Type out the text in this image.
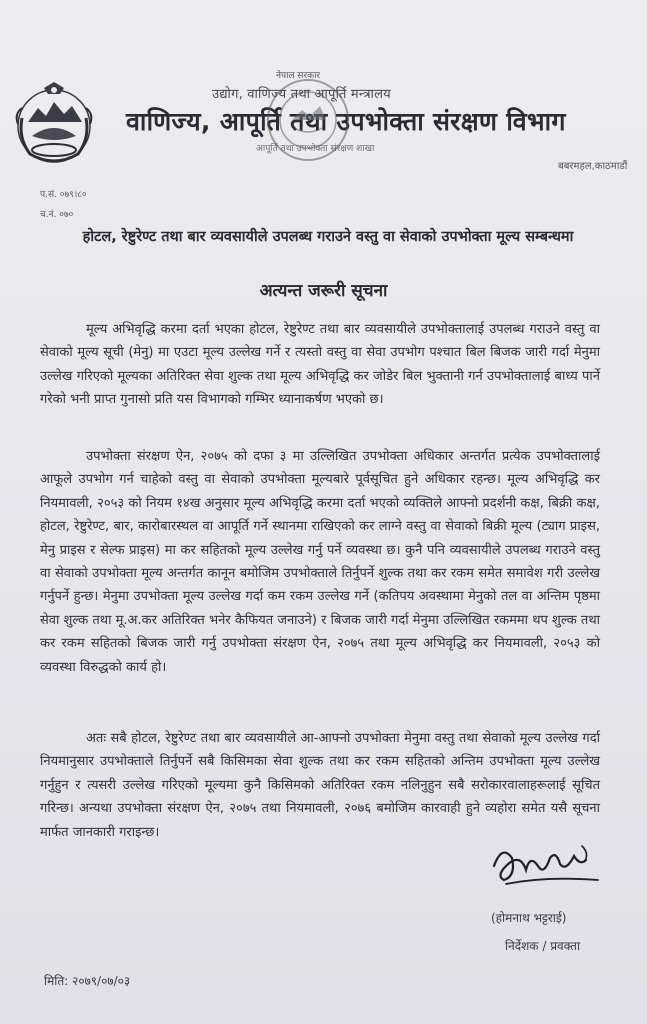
नेपाल सरकार
उद्योग, वाणिज्य तथा आपूर्ति मन्त्रालय
वाणिज्य, आपूर्ति तथा उपभोक्ता संरक्षण विभाग
आपूर्ति तथा उपभोक्ता संरक्षण शाखा
बबरमहल,काठमाडौं
प.सं. ०७९।८०
च.नं. ०७०
होटल, रेष्टुरेण्ट तथा बार व्यवसायीले उपलब्ध गराउने वस्तु वा सेवाको उपभोक्ता मूल्य सम्बन्धमा
अत्यन्त जरूरी सूचना
मूल्य अभिवृद्धि करमा दर्ता भएका होटल, रेष्टुरेण्ट तथा बार व्यवसायीले उपभोक्तालाई उपलब्ध गराउने वस्तु वा सेवाको मूल्य सूची (मेनु) मा एउटा मूल्य उल्लेख गर्ने र त्यस्तो वस्तु वा सेवा उपभोग पश्चात बिल बिजक जारी गर्दा मेनुमा उल्लेख गरिएको मूल्यका अतिरिक्त सेवा शुल्क तथा मूल्य अभिवृद्धि कर जोडेर बिल भुक्तानी गर्न उपभोक्तालाई बाध्य पार्ने गरेको भनी प्राप्त गुनासो प्रति यस विभागको गम्भिर ध्यानाकर्षण भएको छ।
उपभोक्ता संरक्षण ऐन, २०७५ को दफा ३ मा उल्लिखित उपभोक्ता अधिकार अन्तर्गत प्रत्येक उपभोक्तालाई आफूले उपभोग गर्न चाहेको वस्तु वा सेवाको उपभोक्ता मूल्यबारे पूर्वसूचित हुने अधिकार रहन्छ। मूल्य अभिवृद्धि कर नियमावली, २०५३ को नियम १४ख अनुसार मूल्य अभिवृद्धि करमा दर्ता भएको व्यक्तिले आफ्नो प्रदर्शनी कक्ष, बिक्री कक्ष, होटल, रेष्टुरेण्ट, बार, कारोबारस्थल वा आपूर्ति गर्ने स्थानमा राखिएको कर लाग्ने वस्तु वा सेवाको बिक्री मूल्य (ट्याग प्राइस, मेनु प्राइस र सेल्फ प्राइस) मा कर सहितको मूल्य उल्लेख गर्नु पर्ने व्यवस्था छ। कुनै पनि व्यवसायीले उपलब्ध गराउने वस्तु वा सेवाको उपभोक्ता मूल्य अन्तर्गत कानून बमोजिम उपभोक्ताले तिर्नुपर्ने शुल्क तथा कर रकम समेत समावेश गरी उल्लेख गर्नुपर्ने हुन्छ। मेनुमा उपभोक्ता मूल्य उल्लेख गर्दा कम रकम उल्लेख गर्ने (कतिपय अवस्थामा मेनुको तल वा अन्तिम पृष्ठमा सेवा शुल्क तथा मू.अ.कर अतिरिक्त भनेर कैफियत जनाउने) र बिजक जारी गर्दा मेनुमा उल्लिखित रकममा थप शुल्क तथा कर रकम सहितको बिजक जारी गर्नु उपभोक्ता संरक्षण ऐन, २०७५ तथा मूल्य अभिवृद्धि कर नियमावली, २०५३ को व्यवस्था विरुद्धको कार्य हो।
अतः सबै होटल, रेष्टुरेण्ट तथा बार व्यवसायीले आ-आफ्नो उपभोक्ता मेनुमा वस्तु तथा सेवाको मूल्य उल्लेख गर्दा नियमानुसार उपभोक्ताले तिर्नुपर्ने सबै किसिमका सेवा शुल्क तथा कर रकम सहितको अन्तिम उपभोक्ता मूल्य उल्लेख गर्नुहुन र त्यसरी उल्लेख गरिएको मूल्यमा कुनै किसिमको अतिरिक्त रकम नलिनुहुन सबै सरोकारवालाहरूलाई सूचित गरिन्छ। अन्यथा उपभोक्ता संरक्षण ऐन, २०७५ तथा नियमावली, २०७६ बमोजिम कारवाही हुने व्यहोरा समेत यसै सूचना मार्फत जानकारी गराइन्छ।
(होमनाथ भट्टराई)
निर्देशक / प्रवक्ता
मिति: २०७९/०७/०३
